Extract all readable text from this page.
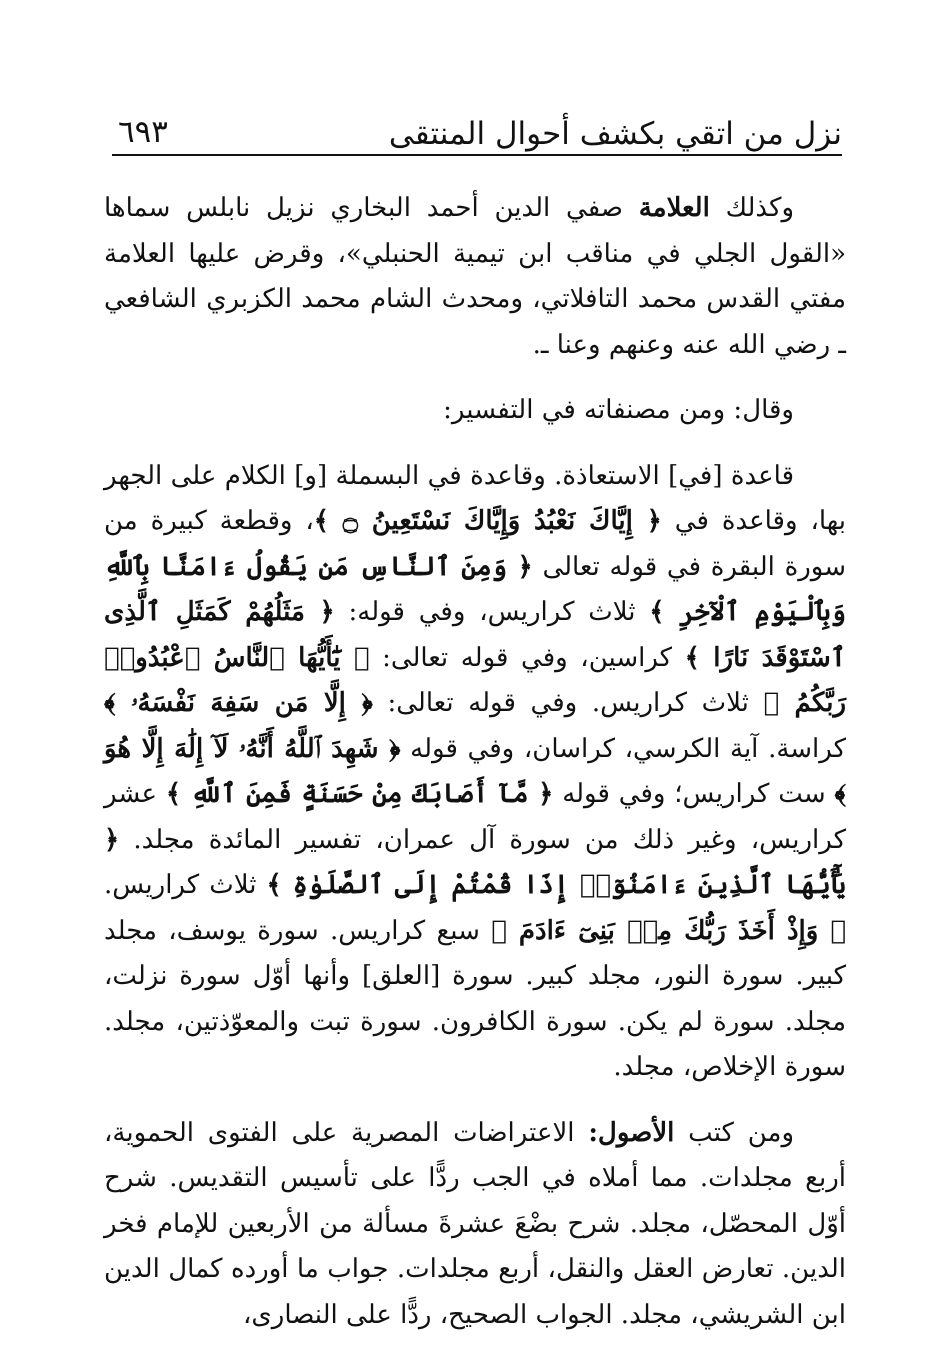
نزل من اتقي بكشف أحوال المنتقى
٦٩٣

وكذلك العلامة صفي الدين أحمد البخاري نزيل نابلس سماها «القول الجلي في مناقب ابن تيمية الحنبلي»، وقرض عليها العلامة مفتي القدس محمد التافلاتي، ومحدث الشام محمد الكزبري الشافعي ـ رضي الله عنه وعنهم وعنا ـ.

وقال: ومن مصنفاته في التفسير:

قاعدة [في] الاستعاذة. وقاعدة في البسملة [و] الكلام على الجهر بها، وقاعدة في ﴿ إِيَّاكَ نَعْبُدُ وَإِيَّاكَ نَسْتَعِينُ ۝ ﴾، وقطعة كبيرة من سورة البقرة في قوله تعالى ﴿ وَمِنَ ٱلنَّاسِ مَن يَقُولُ ءَامَنَّا بِٱللَّهِ وَبِٱلْيَوْمِ ٱلْآخِرِ ﴾ ثلاث كراريس، وفي قوله: ﴿ مَثَلُهُمْ كَمَثَلِ ٱلَّذِى ٱسْتَوْقَدَ نَارًا ﴾ كراسين، وفي قوله تعالى: ﴿ يَٰٓأَيُّهَا ٱلنَّاسُ ٱعْبُدُوا۟ رَبَّكُمُ ﴾ ثلاث كراريس. وفي قوله تعالى: ﴿ إِلَّا مَن سَفِهَ نَفْسَهُۥ ﴾ كراسة. آية الكرسي، كراسان، وفي قوله ﴿ شَهِدَ ٱللَّهُ أَنَّهُۥ لَآ إِلَٰهَ إِلَّا هُوَ ﴾ ست كراريس؛ وفي قوله ﴿ مَّآ أَصَابَكَ مِنْ حَسَنَةٍ فَمِنَ ٱللَّهِ ﴾ عشر كراريس، وغير ذلك من سورة آل عمران، تفسير المائدة مجلد. ﴿ يَٰٓأَيُّهَا ٱلَّذِينَ ءَامَنُوٓا۟ إِذَا قُمْتُمْ إِلَى ٱلصَّلَوٰةِ ﴾ ثلاث كراريس. ﴿ وَإِذْ أَخَذَ رَبُّكَ مِنۢ بَنِىٓ ءَادَمَ ﴾ سبع كراريس. سورة يوسف، مجلد كبير. سورة النور، مجلد كبير. سورة [العلق] وأنها أوّل سورة نزلت، مجلد. سورة لم يكن. سورة الكافرون. سورة تبت والمعوّذتين، مجلد. سورة الإخلاص، مجلد.

ومن كتب الأصول: الاعتراضات المصرية على الفتوى الحموية، أربع مجلدات. مما أملاه في الجب ردًّا على تأسيس التقديس. شرح أوّل المحصّل، مجلد. شرح بضْعَ عشرةَ مسألة من الأربعين للإمام فخر الدين. تعارض العقل والنقل، أربع مجلدات. جواب ما أورده كمال الدين ابن الشريشي، مجلد. الجواب الصحيح، ردًّا على النصارى،
